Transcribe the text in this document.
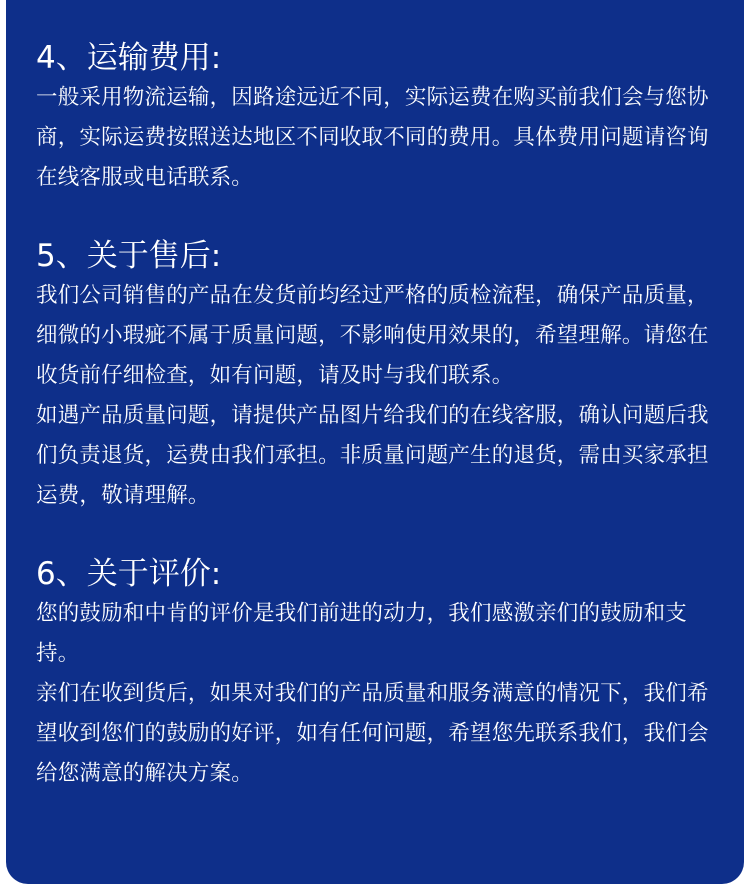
4、运输费用:

一般采用物流运输，因路途远近不同，实际运费在购买前我们会与您协商，实际运费按照送达地区不同收取不同的费用。具体费用问题请咨询在线客服或电话联系。

5、关于售后:

我们公司销售的产品在发货前均经过严格的质检流程，确保产品质量，细微的小瑕疵不属于质量问题，不影响使用效果的，希望理解。请您在收货前仔细检查，如有问题，请及时与我们联系。

如遇产品质量问题，请提供产品图片给我们的在线客服，确认问题后我们负责退货，运费由我们承担。非质量问题产生的退货，需由买家承担运费，敬请理解。

6、关于评价:

您的鼓励和中肯的评价是我们前进的动力，我们感激亲们的鼓励和支持。

亲们在收到货后，如果对我们的产品质量和服务满意的情况下，我们希望收到您们的鼓励的好评，如有任何问题，希望您先联系我们，我们会给您满意的解决方案。
